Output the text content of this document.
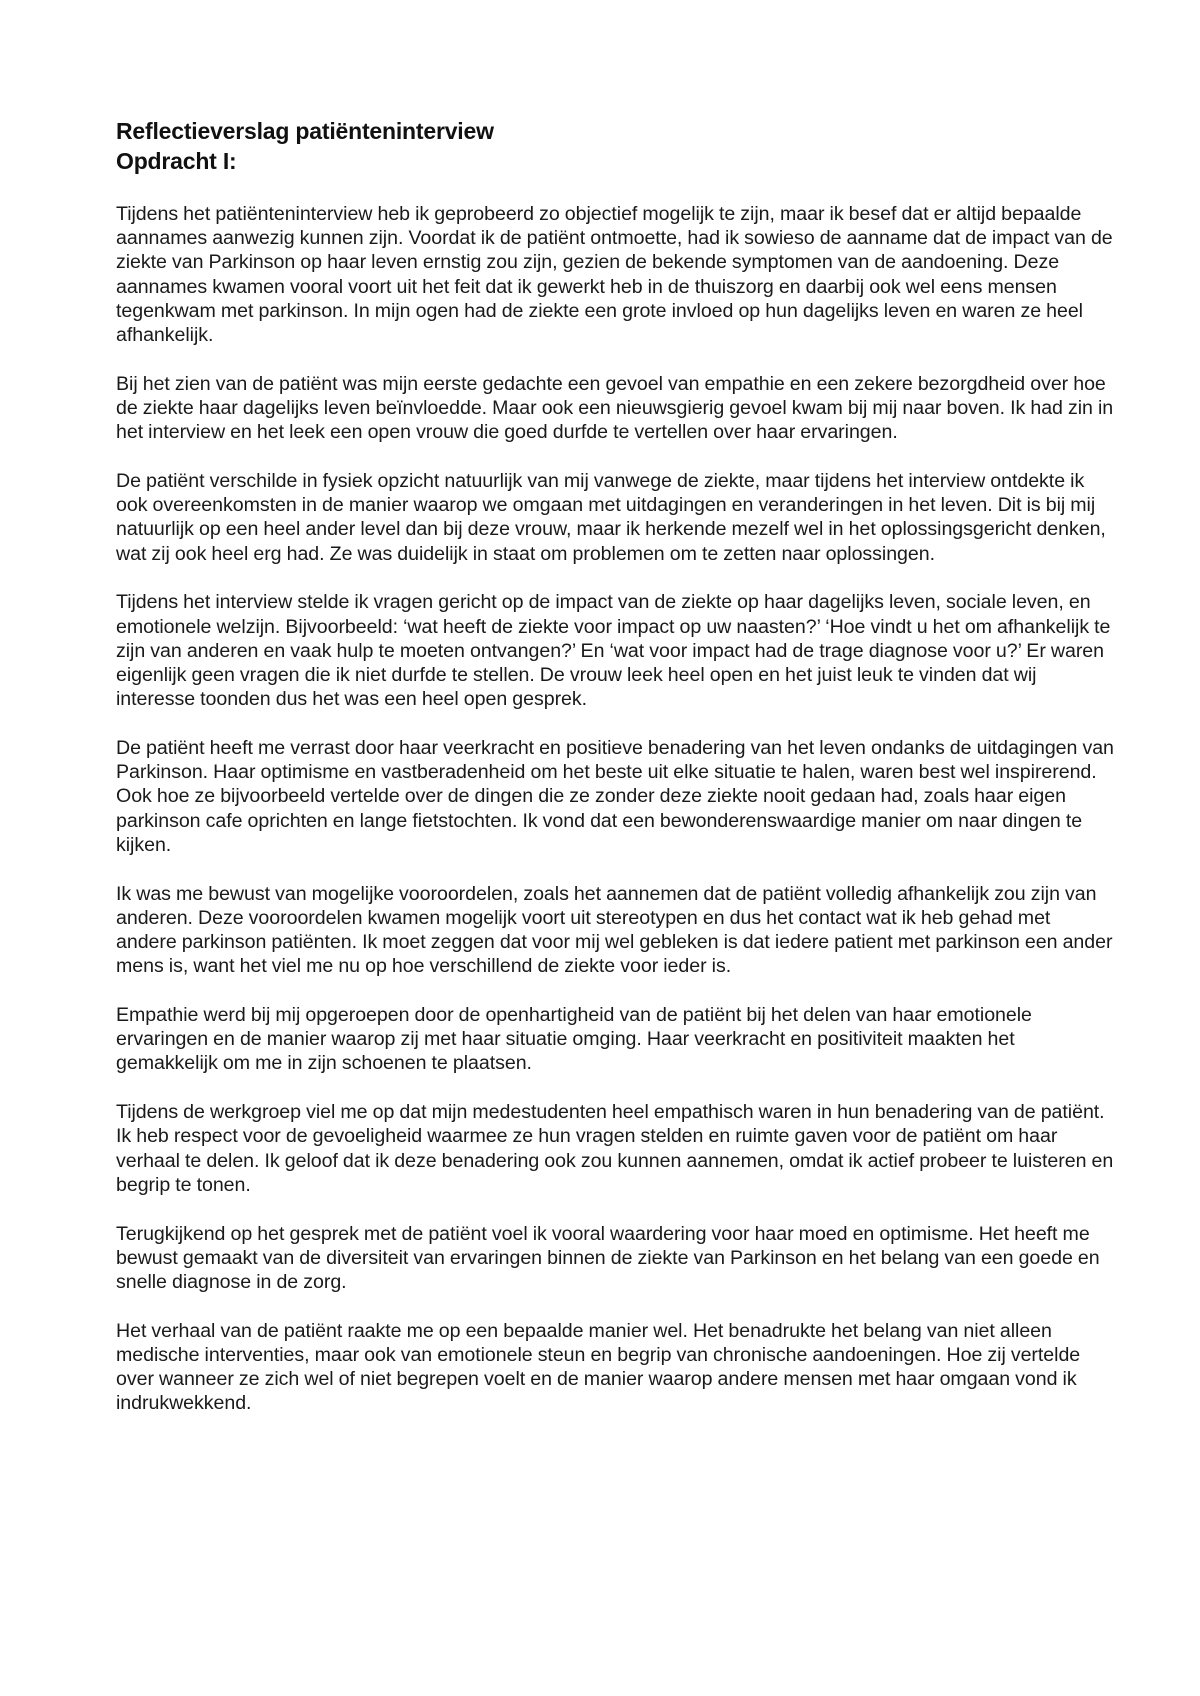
Reflectieverslag patiënteninterview
Opdracht I:

Tijdens het patiënteninterview heb ik geprobeerd zo objectief mogelijk te zijn, maar ik besef dat er altijd bepaalde aannames aanwezig kunnen zijn. Voordat ik de patiënt ontmoette, had ik sowieso de aanname dat de impact van de ziekte van Parkinson op haar leven ernstig zou zijn, gezien de bekende symptomen van de aandoening. Deze aannames kwamen vooral voort uit het feit dat ik gewerkt heb in de thuiszorg en daarbij ook wel eens mensen tegenkwam met parkinson. In mijn ogen had de ziekte een grote invloed op hun dagelijks leven en waren ze heel afhankelijk.

Bij het zien van de patiënt was mijn eerste gedachte een gevoel van empathie en een zekere bezorgdheid over hoe de ziekte haar dagelijks leven beïnvloedde. Maar ook een nieuwsgierig gevoel kwam bij mij naar boven. Ik had zin in het interview en het leek een open vrouw die goed durfde te vertellen over haar ervaringen.

De patiënt verschilde in fysiek opzicht natuurlijk van mij vanwege de ziekte, maar tijdens het interview ontdekte ik ook overeenkomsten in de manier waarop we omgaan met uitdagingen en veranderingen in het leven. Dit is bij mij natuurlijk op een heel ander level dan bij deze vrouw, maar ik herkende mezelf wel in het oplossingsgericht denken, wat zij ook heel erg had. Ze was duidelijk in staat om problemen om te zetten naar oplossingen.

Tijdens het interview stelde ik vragen gericht op de impact van de ziekte op haar dagelijks leven, sociale leven, en emotionele welzijn. Bijvoorbeeld: ‘wat heeft de ziekte voor impact op uw naasten?’ ‘Hoe vindt u het om afhankelijk te zijn van anderen en vaak hulp te moeten ontvangen?’ En ‘wat voor impact had de trage diagnose voor u?’ Er waren eigenlijk geen vragen die ik niet durfde te stellen. De vrouw leek heel open en het juist leuk te vinden dat wij interesse toonden dus het was een heel open gesprek.

De patiënt heeft me verrast door haar veerkracht en positieve benadering van het leven ondanks de uitdagingen van Parkinson. Haar optimisme en vastberadenheid om het beste uit elke situatie te halen, waren best wel inspirerend. Ook hoe ze bijvoorbeeld vertelde over de dingen die ze zonder deze ziekte nooit gedaan had, zoals haar eigen parkinson cafe oprichten en lange fietstochten. Ik vond dat een bewonderenswaardige manier om naar dingen te kijken.

Ik was me bewust van mogelijke vooroordelen, zoals het aannemen dat de patiënt volledig afhankelijk zou zijn van anderen. Deze vooroordelen kwamen mogelijk voort uit stereotypen en dus het contact wat ik heb gehad met andere parkinson patiënten. Ik moet zeggen dat voor mij wel gebleken is dat iedere patient met parkinson een ander mens is, want het viel me nu op hoe verschillend de ziekte voor ieder is.

Empathie werd bij mij opgeroepen door de openhartigheid van de patiënt bij het delen van haar emotionele ervaringen en de manier waarop zij met haar situatie omging. Haar veerkracht en positiviteit maakten het gemakkelijk om me in zijn schoenen te plaatsen.

Tijdens de werkgroep viel me op dat mijn medestudenten heel empathisch waren in hun benadering van de patiënt. Ik heb respect voor de gevoeligheid waarmee ze hun vragen stelden en ruimte gaven voor de patiënt om haar verhaal te delen. Ik geloof dat ik deze benadering ook zou kunnen aannemen, omdat ik actief probeer te luisteren en begrip te tonen.

Terugkijkend op het gesprek met de patiënt voel ik vooral waardering voor haar moed en optimisme. Het heeft me bewust gemaakt van de diversiteit van ervaringen binnen de ziekte van Parkinson en het belang van een goede en snelle diagnose in de zorg.

Het verhaal van de patiënt raakte me op een bepaalde manier wel. Het benadrukte het belang van niet alleen medische interventies, maar ook van emotionele steun en begrip van chronische aandoeningen. Hoe zij vertelde over wanneer ze zich wel of niet begrepen voelt en de manier waarop andere mensen met haar omgaan vond ik indrukwekkend.
